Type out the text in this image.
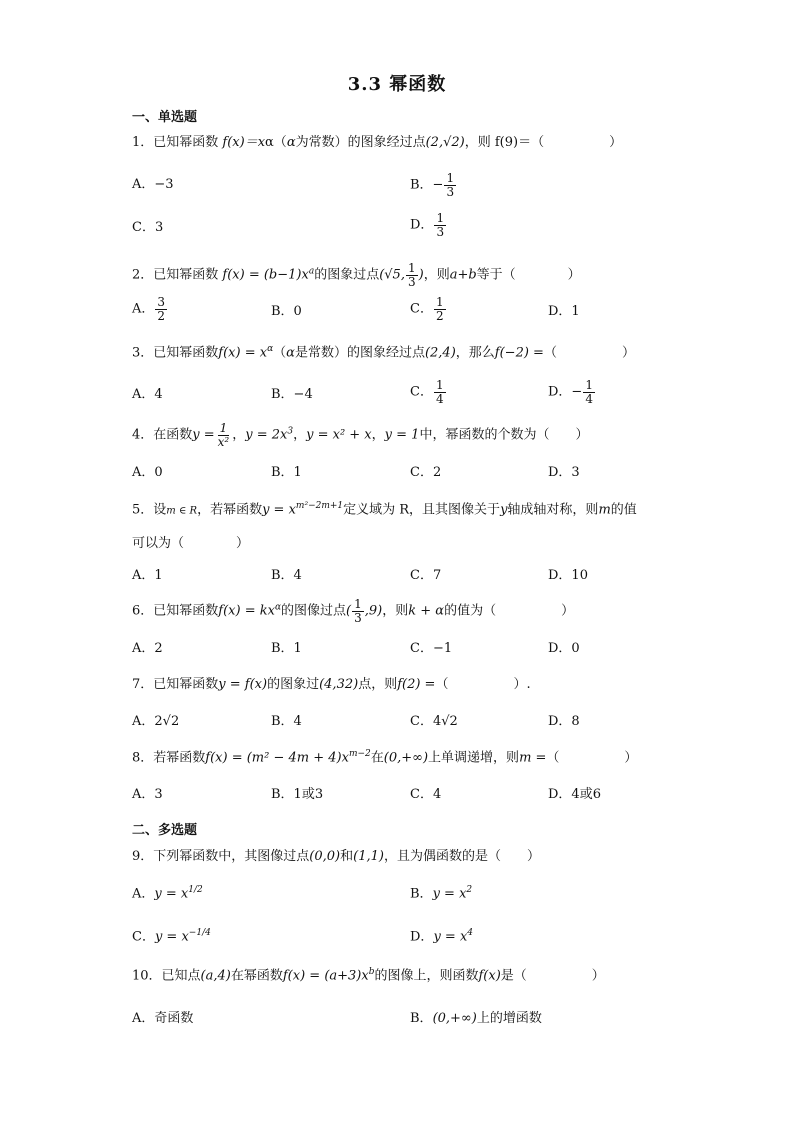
3.3 幂函数
一、单选题
1．已知幂函数 f(x)＝xα（α为常数）的图象经过点(2,√2)，则 f(9)＝（　　　　　）
A．−3	B．− $\frac{1}{3}$
C．3	D． $\frac{1}{3}$
2．已知幂函数 $f(x) = (b-1)x^a$的图象过点(√5, $\frac{1}{3}$ )，则a+b等于（　　　　）
A． $\frac{3}{2}$	B．0	C． $\frac{1}{2}$	D．1
3．已知幂函数$f(x) = x^\alpha(\alpha$是常数）的图象经过点(2,4)，那么f(−2) =（　　　　　）
A．4	B．−4	C． $\frac{1}{4}$	D．− $\frac{1}{4}$
4．在函数$y = \frac{1}{\text{x²}}$ ，$y = 2x^3$，y = x² + x，y = 1中，幂函数的个数为（　　）
A．0	B．1	C．2	D．3
5．设m ∈ R，若幂函数$y = x^{m^2-2m+1}$定义域为 R，且其图像关于y轴成轴对称，则m的值
可以为（　　　　）
A．1	B．4	C．7	D．10
6．已知幂函数$f(x) = kx^\alpha$的图像过点( $\frac{1}{3} ,9$)，则k + α的值为（　　　　　）
A．2	B．1	C．−1	D．0
7．已知幂函数y = f(x)的图象过(4,32)点，则f(2) =（　　　　　）.
A．2√2	B．4	C．4√2	D．8
8．若幂函数$f(x) = (m^2 - 4m + 4)x^{m-2}$在(0,+∞)上单调递增，则m =（　　　　　）
A．3	B．1或3	C．4	D．4或6
二、多选题
9．下列幂函数中，其图像过点(0,0)和(1,1)，且为偶函数的是（　　）
A．$y = x^{1/2}$	B．$y = x^2$
C．$y = x^{-1/4}$	D．$y = x^4$
10．已知点(a,4)在幂函数$f(x) = (a+3)x^b$的图像上，则函数f(x)是（　　　　　）
A．奇函数	B．(0,+∞)上的增函数
